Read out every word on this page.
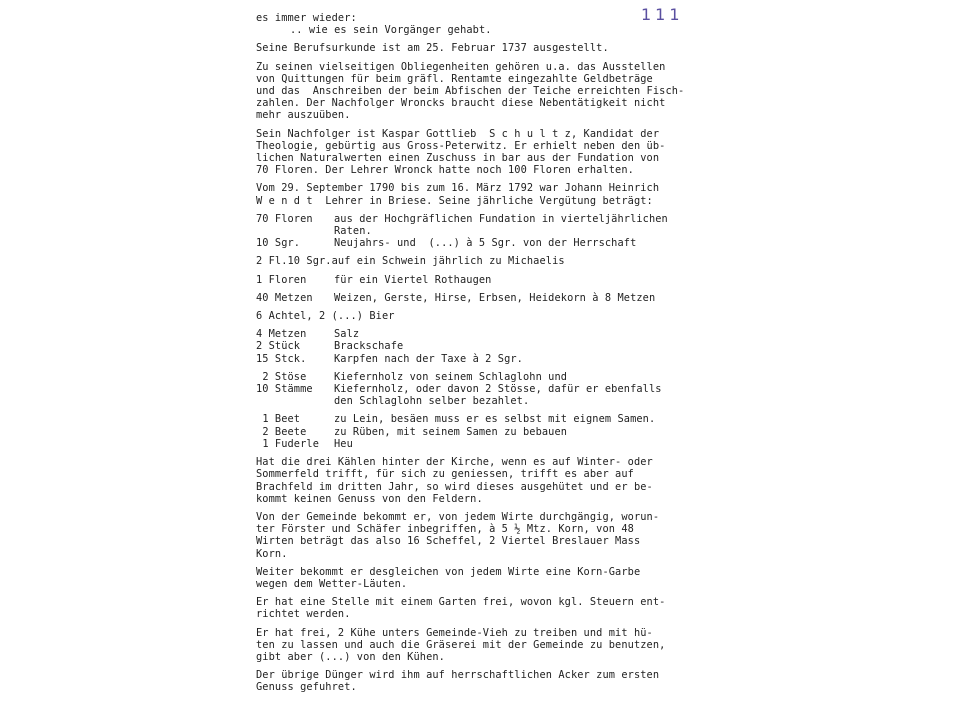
111

es immer wieder:

.. wie es sein Vorgänger gehabt.

Seine Berufsurkunde ist am 25. Februar 1737 ausgestellt.

Zu seinen vielseitigen Obliegenheiten gehören u.a. das Ausstellen
von Quittungen für beim gräfl. Rentamte eingezahlte Geldbeträge
und das  Anschreiben der beim Abfischen der Teiche erreichten Fisch-
zahlen. Der Nachfolger Wroncks braucht diese Nebentätigkeit nicht
mehr auszuüben.

Sein Nachfolger ist Kaspar Gottlieb  S c h u l t z, Kandidat der
Theologie, gebürtig aus Gross-Peterwitz. Er erhielt neben den üb-
lichen Naturalwerten einen Zuschuss in bar aus der Fundation von
70 Floren. Der Lehrer Wronck hatte noch 100 Floren erhalten.

Vom 29. September 1790 bis zum 16. März 1792 war Johann Heinrich
W e n d t  Lehrer in Briese. Seine jährliche Vergütung beträgt:

70 Floren	aus der Hochgräflichen Fundation in vierteljährlichen
Raten.
10 Sgr.	Neujahrs- und  (...) à 5 Sgr. von der Herrschaft
2 Fl.10 Sgr.auf ein Schwein jährlich zu Michaelis
1 Floren	für ein Viertel Rothaugen
40 Metzen	Weizen, Gerste, Hirse, Erbsen, Heidekorn à 8 Metzen
6 Achtel, 2 (...) Bier
4 Metzen	Salz
2 Stück	Brackschafe
15 Stck.	Karpfen nach der Taxe à 2 Sgr.
2 Stöse	Kiefernholz von seinem Schlaglohn und
10 Stämme	Kiefernholz, oder davon 2 Stösse, dafür er ebenfalls
den Schlaglohn selber bezahlet.
1 Beet	zu Lein, besäen muss er es selbst mit eignem Samen.
2 Beete	zu Rüben, mit seinem Samen zu bebauen
1 Fuderle	Heu

Hat die drei Kählen hinter der Kirche, wenn es auf Winter- oder
Sommerfeld trifft, für sich zu geniessen, trifft es aber auf
Brachfeld im dritten Jahr, so wird dieses ausgehütet und er be-
kommt keinen Genuss von den Feldern.

Von der Gemeinde bekommt er, von jedem Wirte durchgängig, worun-
ter Förster und Schäfer inbegriffen, à 5 ½ Mtz. Korn, von 48
Wirten beträgt das also 16 Scheffel, 2 Viertel Breslauer Mass
Korn.

Weiter bekommt er desgleichen von jedem Wirte eine Korn-Garbe
wegen dem Wetter-Läuten.

Er hat eine Stelle mit einem Garten frei, wovon kgl. Steuern ent-
richtet werden.

Er hat frei, 2 Kühe unters Gemeinde-Vieh zu treiben und mit hü-
ten zu lassen und auch die Gräserei mit der Gemeinde zu benutzen,
gibt aber (...) von den Kühen.

Der übrige Dünger wird ihm auf herrschaftlichen Acker zum ersten
Genuss gefuhret.
